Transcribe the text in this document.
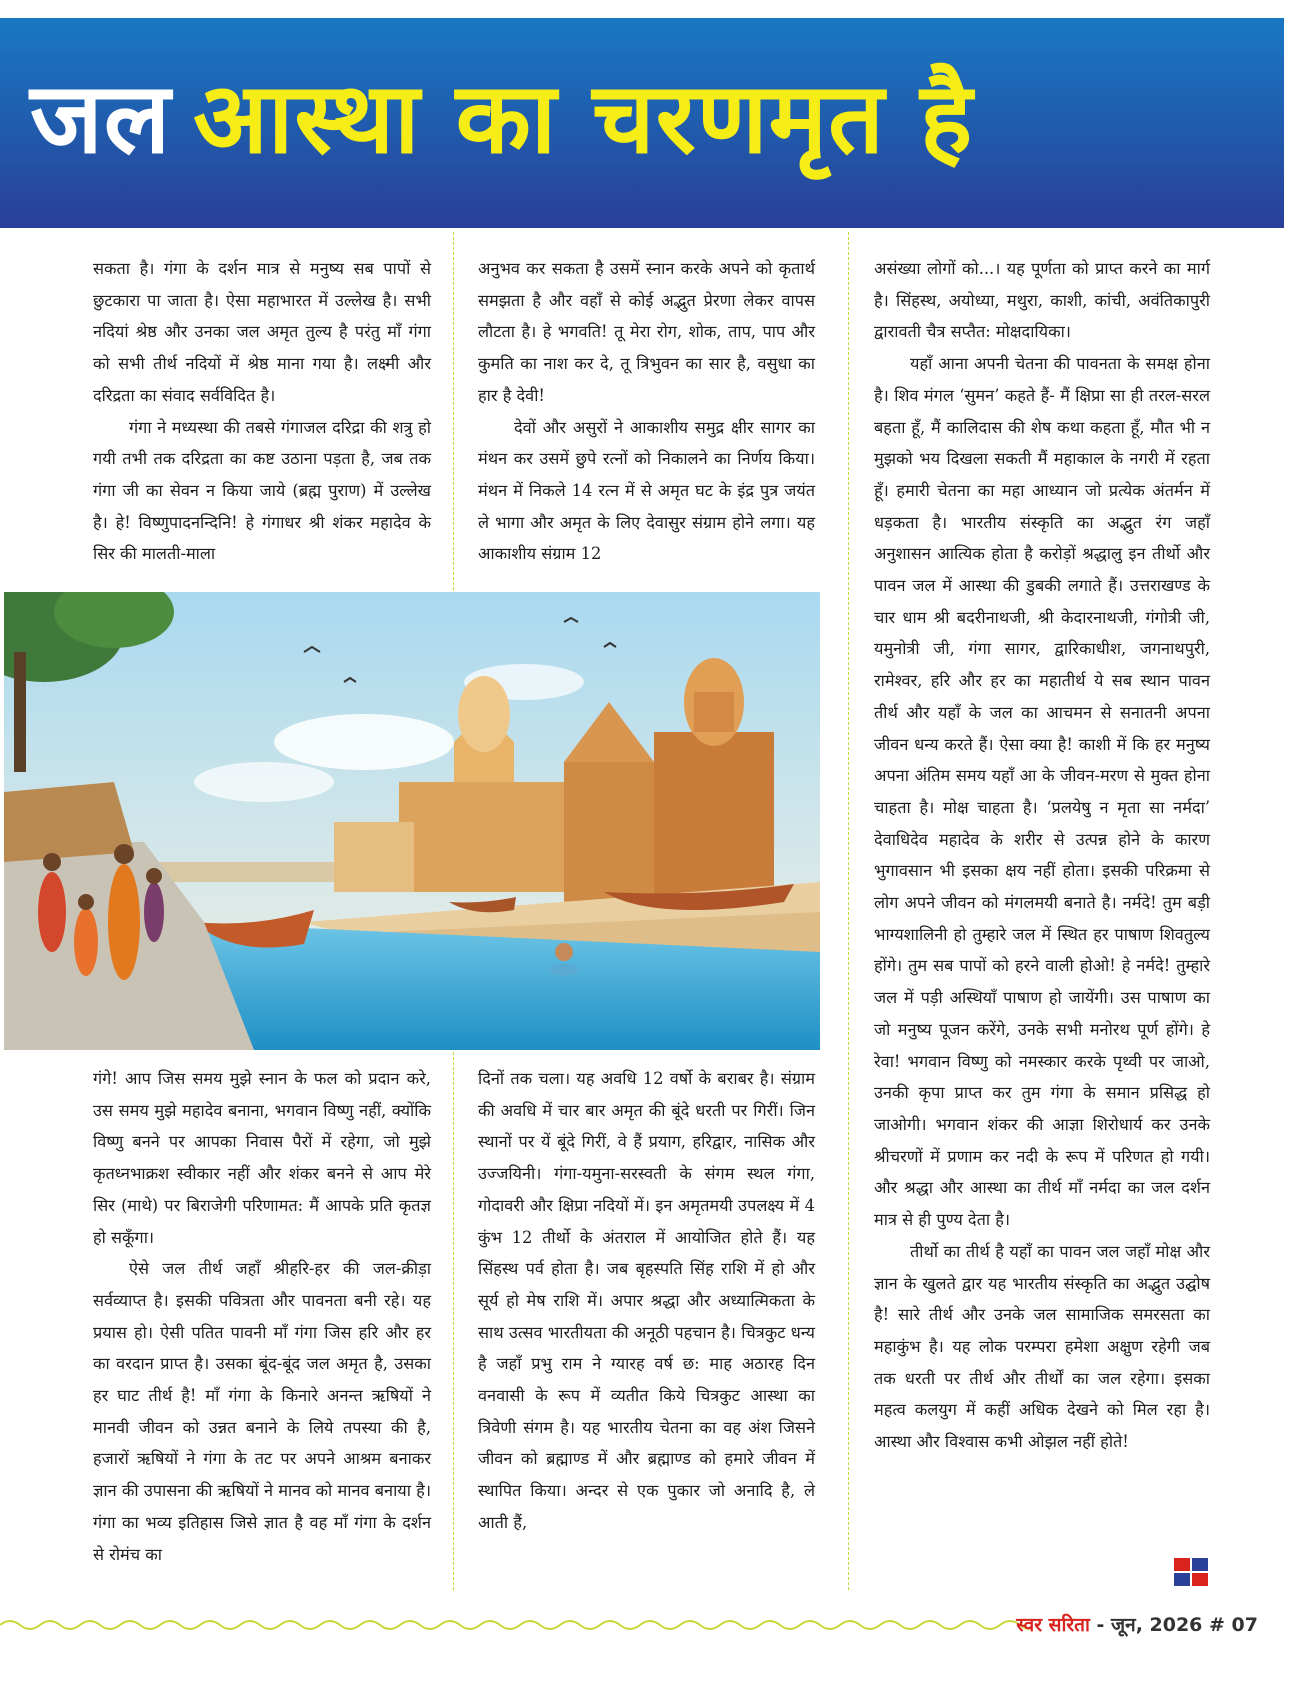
जल आस्था का चरणमृत है

सकता है। गंगा के दर्शन मात्र से मनुष्य सब पापों से छुटकारा पा जाता है। ऐसा महाभारत में उल्लेख है। सभी नदियां श्रेष्ठ और उनका जल अमृत तुल्य है परंतु माँ गंगा को सभी तीर्थ नदियों में श्रेष्ठ माना गया है। लक्ष्मी और दरिद्रता का संवाद सर्वविदित है।

गंगा ने मध्यस्था की तबसे गंगाजल दरिद्रा की शत्रु हो गयी तभी तक दरिद्रता का कष्ट उठाना पड़ता है, जब तक गंगा जी का सेवन न किया जाये (ब्रह्म पुराण) में उल्लेख है। हे! विष्णुपादनन्दिनि! हे गंगाधर श्री शंकर महादेव के सिर की मालती-माला

अनुभव कर सकता है उसमें स्नान करके अपने को कृतार्थ समझता है और वहाँ से कोई अद्भुत प्रेरणा लेकर वापस लौटता है। हे भगवति! तू मेरा रोग, शोक, ताप, पाप और कुमति का नाश कर दे, तू त्रिभुवन का सार है, वसुधा का हार है देवी!

देवों और असुरों ने आकाशीय समुद्र क्षीर सागर का मंथन कर उसमें छुपे रत्नों को निकालने का निर्णय किया। मंथन में निकले 14 रत्न में से अमृत घट के इंद्र पुत्र जयंत ले भागा और अमृत के लिए देवासुर संग्राम होने लगा। यह आकाशीय संग्राम 12

असंख्या लोगों को...। यह पूर्णता को प्राप्त करने का मार्ग है। सिंहस्थ, अयोध्या, मथुरा, काशी, कांची, अवंतिकापुरी द्वारावती चैत्र सप्तैत: मोक्षदायिका।

यहाँ आना अपनी चेतना की पावनता के समक्ष होना है। शिव मंगल ‘सुमन’ कहते हैं- मैं क्षिप्रा सा ही तरल-सरल बहता हूँ, मैं कालिदास की शेष कथा कहता हूँ, मौत भी न मुझको भय दिखला सकती मैं महाकाल के नगरी में रहता हूँ। हमारी चेतना का महा आध्यान जो प्रत्येक अंतर्मन में धड़कता है। भारतीय संस्कृति का अद्भुत रंग जहाँ अनुशासन आत्यिक होता है करोड़ों श्रद्धालु इन तीर्थो और पावन जल में आस्था की डुबकी लगाते हैं। उत्तराखण्ड के चार धाम श्री बदरीनाथजी, श्री केदारनाथजी, गंगोत्री जी, यमुनोत्री जी, गंगा सागर, द्वारिकाधीश, जगनाथपुरी, रामेश्वर, हरि और हर का महातीर्थ ये सब स्थान पावन तीर्थ और यहाँ के जल का आचमन से सनातनी अपना जीवन धन्य करते हैं। ऐसा क्या है! काशी में कि हर मनुष्य अपना अंतिम समय यहाँ आ के जीवन-मरण से मुक्त होना चाहता है। मोक्ष चाहता है। ‘प्रलयेषु न मृता सा नर्मदा’ देवाधिदेव महादेव के शरीर से उत्पन्न होने के कारण भुगावसान भी इसका क्षय नहीं होता। इसकी परिक्रमा से लोग अपने जीवन को मंगलमयी बनाते है। नर्मदे! तुम बड़ी भाग्यशालिनी हो तुम्हारे जल में स्थित हर पाषाण शिवतुल्य होंगे। तुम सब पापों को हरने वाली होओ! हे नर्मदे! तुम्हारे जल में पड़ी अस्थियाँ पाषाण हो जायेंगी। उस पाषाण का जो मनुष्य पूजन करेंगे, उनके सभी मनोरथ पूर्ण होंगे। हे रेवा! भगवान विष्णु को नमस्कार करके पृथ्वी पर जाओ, उनकी कृपा प्राप्त कर तुम गंगा के समान प्रसिद्ध हो जाओगी। भगवान शंकर की आज्ञा शिरोधार्य कर उनके श्रीचरणों में प्रणाम कर नदी के रूप में परिणत हो गयी। और श्रद्धा और आस्था का तीर्थ माँ नर्मदा का जल दर्शन मात्र से ही पुण्य देता है।

तीर्थो का तीर्थ है यहाँ का पावन जल जहाँ मोक्ष और ज्ञान के खुलते द्वार यह भारतीय संस्कृति का अद्भुत उद्घोष है! सारे तीर्थ और उनके जल सामाजिक समरसता का महाकुंभ है। यह लोक परम्परा हमेशा अक्षुण रहेगी जब तक धरती पर तीर्थ और तीर्थों का जल रहेगा। इसका महत्व कलयुग में कहीं अधिक देखने को मिल रहा है। आस्था और विश्वास कभी ओझल नहीं होते!

गंगे! आप जिस समय मुझे स्नान के फल को प्रदान करे, उस समय मुझे महादेव बनाना, भगवान विष्णु नहीं, क्योंकि विष्णु बनने पर आपका निवास पैरों में रहेगा, जो मुझे कृतध्नभाक्रश स्वीकार नहीं और शंकर बनने से आप मेरे सिर (माथे) पर बिराजेगी परिणामत: मैं आपके प्रति कृतज्ञ हो सकूँगा।

ऐसे जल तीर्थ जहाँ श्रीहरि-हर की जल-क्रीड़ा सर्वव्याप्त है। इसकी पवित्रता और पावनता बनी रहे। यह प्रयास हो। ऐसी पतित पावनी माँ गंगा जिस हरि और हर का वरदान प्राप्त है। उसका बूंद-बूंद जल अमृत है, उसका हर घाट तीर्थ है! माँ गंगा के किनारे अनन्त ऋषियों ने मानवी जीवन को उन्नत बनाने के लिये तपस्या की है, हजारों ऋषियों ने गंगा के तट पर अपने आश्रम बनाकर ज्ञान की उपासना की ऋषियों ने मानव को मानव बनाया है। गंगा का भव्य इतिहास जिसे ज्ञात है वह माँ गंगा के दर्शन से रोमंच का

दिनों तक चला। यह अवधि 12 वर्षो के बराबर है। संग्राम की अवधि में चार बार अमृत की बूंदे धरती पर गिरीं। जिन स्थानों पर यें बूंदे गिरीं, वे हैं प्रयाग, हरिद्वार, नासिक और उज्जयिनी। गंगा-यमुना-सरस्वती के संगम स्थल गंगा, गोदावरी और क्षिप्रा नदियों में। इन अमृतमयी उपलक्ष्य में 4 कुंभ 12 तीर्थो के अंतराल में आयोजित होते हैं। यह सिंहस्थ पर्व होता है। जब बृहस्पति सिंह राशि में हो और सूर्य हो मेष राशि में। अपार श्रद्धा और अध्यात्मिकता के साथ उत्सव भारतीयता की अनूठी पहचान है। चित्रकुट धन्य है जहाँ प्रभु राम ने ग्यारह वर्ष छ: माह अठारह दिन वनवासी के रूप में व्यतीत किये चित्रकुट आस्था का त्रिवेणी संगम है। यह भारतीय चेतना का वह अंश जिसने जीवन को ब्रह्माण्ड में और ब्रह्माण्ड को हमारे जीवन में स्थापित किया। अन्दर से एक पुकार जो अनादि है, ले आती हैं,

स्वर सरिता - जून, 2026 # 07
